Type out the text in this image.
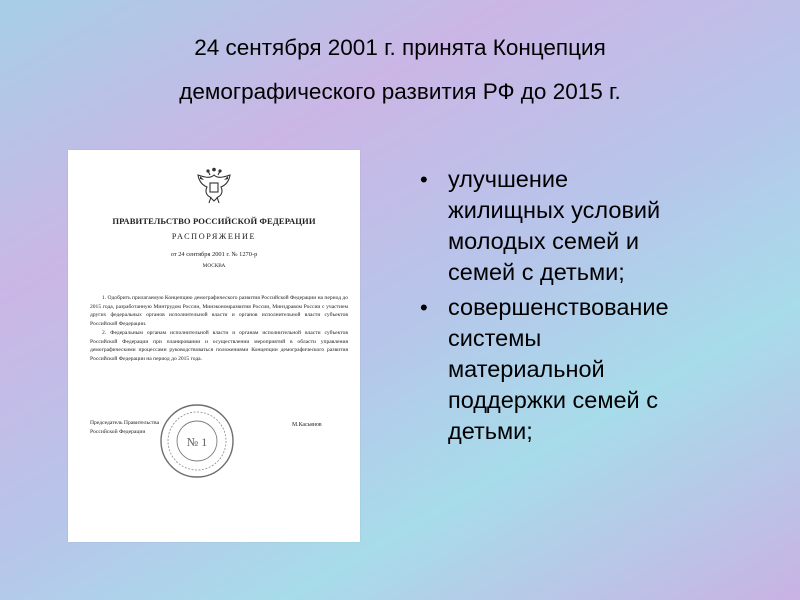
24 сентября 2001 г. принята Концепция
демографического развития РФ до 2015 г.
ПРАВИТЕЛЬСТВО РОССИЙСКОЙ ФЕДЕРАЦИИ
РАСПОРЯЖЕНИЕ
от 24 сентября 2001 г. № 1270-р
МОСКВА

1. Одобрить прилагаемую Концепцию демографического развития Российской Федерации на период до 2015 года, разработанную Минтрудом России, Минэкономразвития России, Минздравом России с участием других федеральных органов исполнительной власти и органов исполнительной власти субъектов Российской Федерации.

2. Федеральным органам исполнительной власти и органам исполнительной власти субъектов Российской Федерации при планировании и осуществлении мероприятий в области управления демографическими процессами руководствоваться положениями Концепции демографического развития Российской Федерации на период до 2015 года.

Председатель Правительства
Российской Федерации
М.Касьянов
№ 1
• улучшение
жилищных условий
молодых семей и
семей с детьми;
• совершенствование
системы
материальной
поддержки семей с
детьми;
